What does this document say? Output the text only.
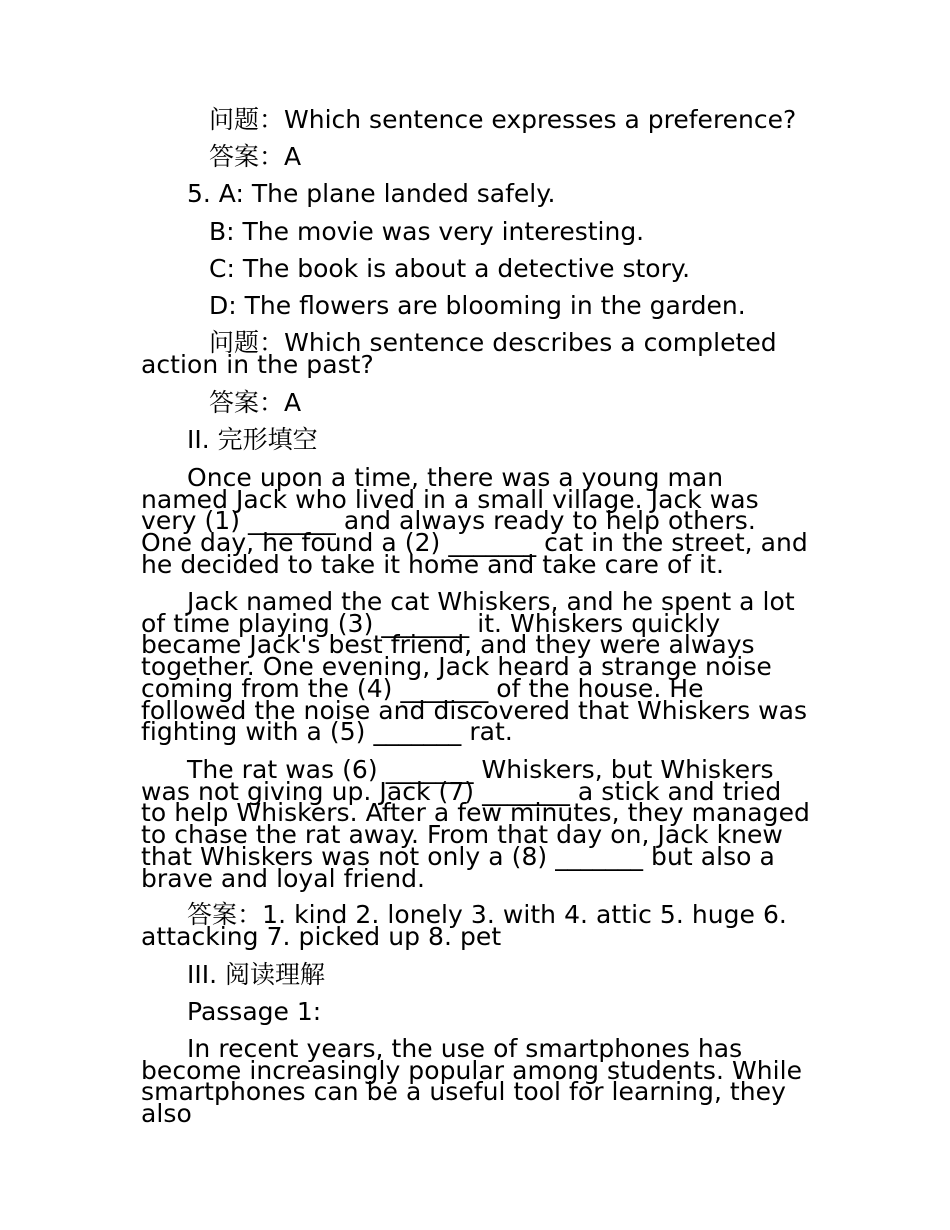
问题：Which sentence expresses a preference?
答案：A
5. A: The plane landed safely.
B: The movie was very interesting.
C: The book is about a detective story.
D: The flowers are blooming in the garden.

问题：Which sentence describes a completed action in the past?

答案：A
II. 完形填空

Once upon a time, there was a young man named Jack who lived in a small village. Jack was very (1) _______ and always ready to help others. One day, he found a (2) _______ cat in the street, and he decided to take it home and take care of it.

Jack named the cat Whiskers, and he spent a lot of time playing (3) _______ it. Whiskers quickly became Jack's best friend, and they were always together. One evening, Jack heard a strange noise coming from the (4) _______ of the house. He followed the noise and discovered that Whiskers was fighting with a (5) _______ rat.

The rat was (6) _______ Whiskers, but Whiskers was not giving up. Jack (7) _______ a stick and tried to help Whiskers. After a few minutes, they managed to chase the rat away. From that day on, Jack knew that Whiskers was not only a (8) _______ but also a brave and loyal friend.

答案：1. kind 2. lonely 3. with 4. attic 5. huge 6. attacking 7. picked up 8. pet

III. 阅读理解
Passage 1:

In recent years, the use of smartphones has become increasingly popular among students. While smartphones can be a useful tool for learning, they also
